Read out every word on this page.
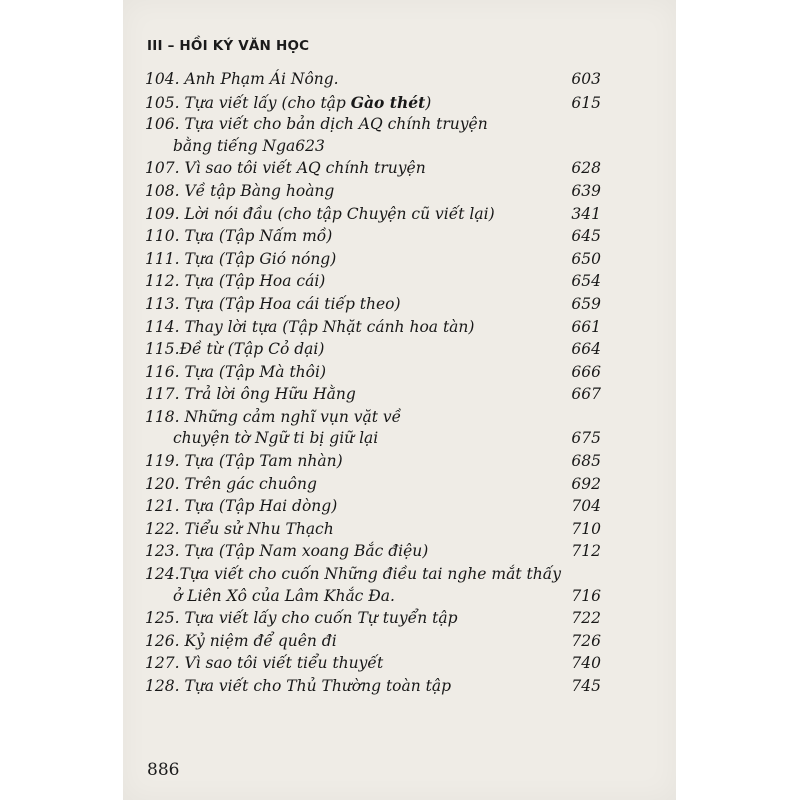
III – HỒI KÝ VĂN HỌC
104. Anh Phạm Ái Nông.	603
105. Tựa viết lấy (cho tập Gào thét)	615
106. Tựa viết cho bản dịch AQ chính truyện
bằng tiếng Nga623
107. Vì sao tôi viết AQ chính truyện	628
108. Về tập Bàng hoàng	639
109. Lời nói đầu (cho tập Chuyện cũ viết lại)	341
110. Tựa (Tập Nấm mồ)	645
111. Tựa (Tập Gió nóng)	650
112. Tựa (Tập Hoa cái)	654
113. Tựa (Tập Hoa cái tiếp theo)	659
114. Thay lời tựa (Tập Nhặt cánh hoa tàn)	661
115.Đề từ (Tập Cỏ dại)	664
116. Tựa (Tập Mà thôi)	666
117. Trả lời ông Hữu Hằng	667
118. Những cảm nghĩ vụn vặt về
chuyện tờ Ngữ ti bị giữ lại	675
119. Tựa (Tập Tam nhàn)	685
120. Trên gác chuông	692
121. Tựa (Tập Hai dòng)	704
122. Tiểu sử Nhu Thạch	710
123. Tựa (Tập Nam xoang Bắc điệu)	712
124.Tựa viết cho cuốn Những điều tai nghe mắt thấy
ở Liên Xô của Lâm Khắc Đa.	716
125. Tựa viết lấy cho cuốn Tự tuyển tập	722
126. Kỷ niệm để quên đi	726
127. Vì sao tôi viết tiểu thuyết	740
128. Tựa viết cho Thủ Thường toàn tập	745
886
